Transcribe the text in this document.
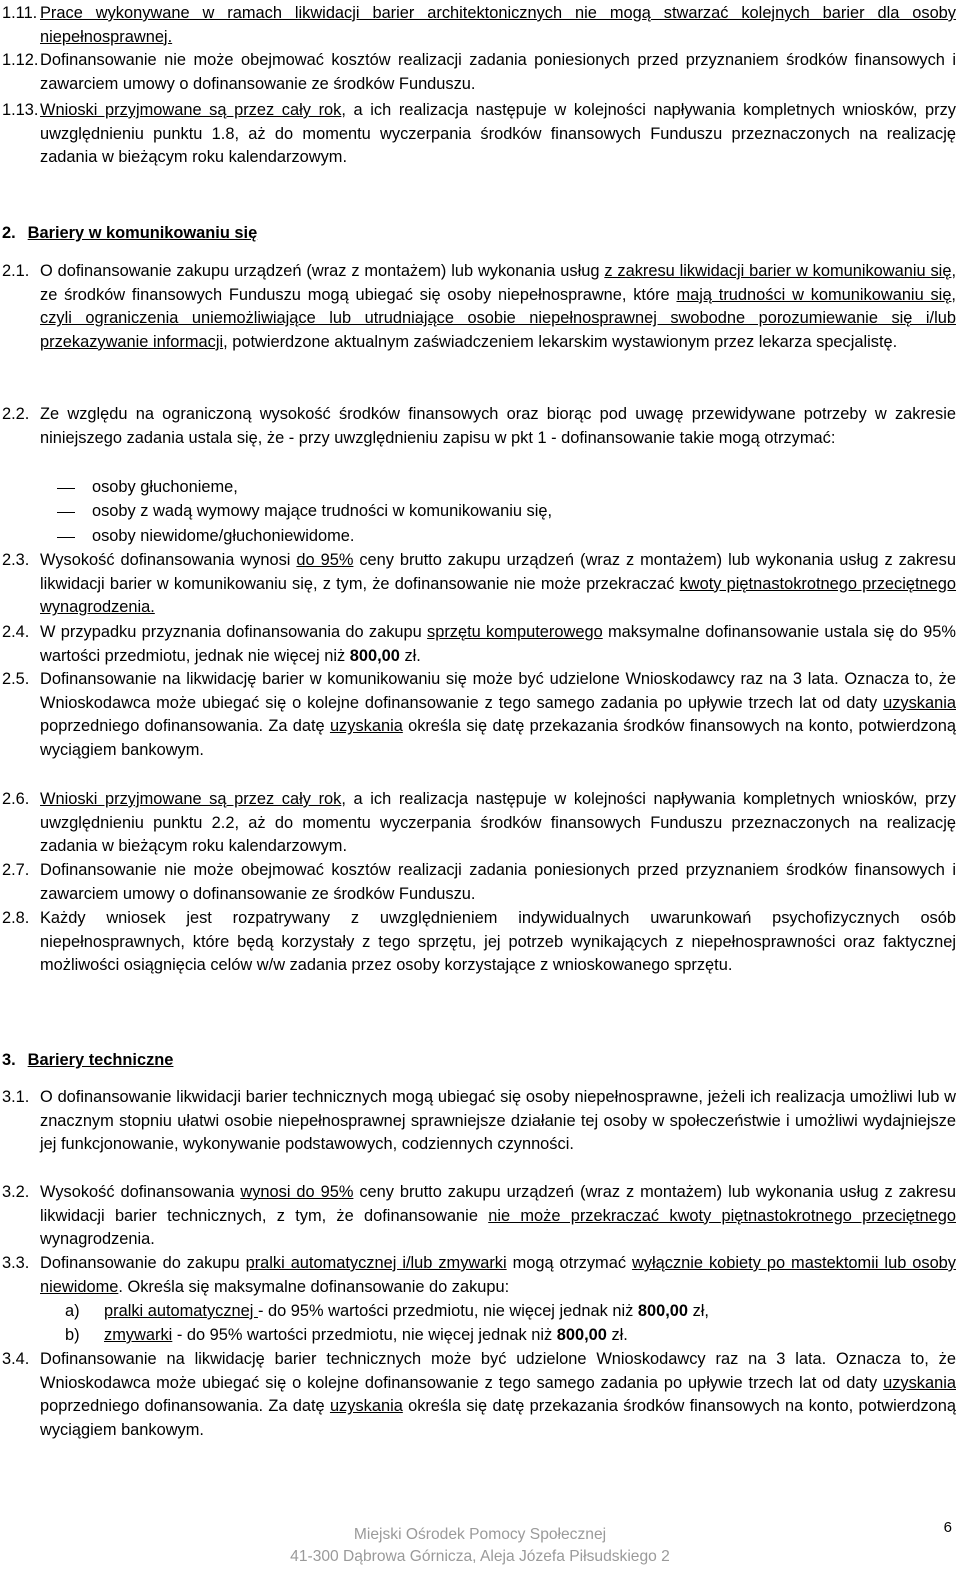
1.11. Prace wykonywane w ramach likwidacji barier architektonicznych nie mogą stwarzać kolejnych barier dla osoby niepełnosprawnej.
1.12. Dofinansowanie nie może obejmować kosztów realizacji zadania poniesionych przed przyznaniem środków finansowych i zawarciem umowy o dofinansowanie ze środków Funduszu.
1.13. Wnioski przyjmowane są przez cały rok, a ich realizacja następuje w kolejności napływania kompletnych wniosków, przy uwzględnieniu punktu 1.8, aż do momentu wyczerpania środków finansowych Funduszu przeznaczonych na realizację zadania w bieżącym roku kalendarzowym.
2. Bariery w komunikowaniu się
2.1. O dofinansowanie zakupu urządzeń (wraz z montażem) lub wykonania usług z zakresu likwidacji barier w komunikowaniu się, ze środków finansowych Funduszu mogą ubiegać się osoby niepełnosprawne, które mają trudności w komunikowaniu się, czyli ograniczenia uniemożliwiające lub utrudniające osobie niepełnosprawnej swobodne porozumiewanie się i/lub przekazywanie informacji, potwierdzone aktualnym zaświadczeniem lekarskim wystawionym przez lekarza specjalistę.
2.2. Ze względu na ograniczoną wysokość środków finansowych oraz biorąc pod uwagę przewidywane potrzeby w zakresie niniejszego zadania ustala się, że - przy uwzględnieniu zapisu w pkt 1 - dofinansowanie takie mogą otrzymać:
osoby głuchonieme,
osoby z wadą wymowy mające trudności w komunikowaniu się,
osoby niewidome/głuchoniewidome.
2.3. Wysokość dofinansowania wynosi do 95% ceny brutto zakupu urządzeń (wraz z montażem) lub wykonania usług z zakresu likwidacji barier w komunikowaniu się, z tym, że dofinansowanie nie może przekraczać kwoty piętnastokrotnego przeciętnego wynagrodzenia.
2.4. W przypadku przyznania dofinansowania do zakupu sprzętu komputerowego maksymalne dofinansowanie ustala się do 95% wartości przedmiotu, jednak nie więcej niż 800,00 zł.
2.5. Dofinansowanie na likwidację barier w komunikowaniu się może być udzielone Wnioskodawcy raz na 3 lata. Oznacza to, że Wnioskodawca może ubiegać się o kolejne dofinansowanie z tego samego zadania po upływie trzech lat od daty uzyskania poprzedniego dofinansowania. Za datę uzyskania określa się datę przekazania środków finansowych na konto, potwierdzoną wyciągiem bankowym.
2.6. Wnioski przyjmowane są przez cały rok, a ich realizacja następuje w kolejności napływania kompletnych wniosków, przy uwzględnieniu punktu 2.2, aż do momentu wyczerpania środków finansowych Funduszu przeznaczonych na realizację zadania w bieżącym roku kalendarzowym.
2.7. Dofinansowanie nie może obejmować kosztów realizacji zadania poniesionych przed przyznaniem środków finansowych i zawarciem umowy o dofinansowanie ze środków Funduszu.
2.8. Każdy wniosek jest rozpatrywany z uwzględnieniem indywidualnych uwarunkowań psychofizycznych osób niepełnosprawnych, które będą korzystały z tego sprzętu, jej potrzeb wynikających z niepełnosprawności oraz faktycznej możliwości osiągnięcia celów w/w zadania przez osoby korzystające z wnioskowanego sprzętu.
3. Bariery techniczne
3.1. O dofinansowanie likwidacji barier technicznych mogą ubiegać się osoby niepełnosprawne, jeżeli ich realizacja umożliwi lub w znacznym stopniu ułatwi osobie niepełnosprawnej sprawniejsze działanie tej osoby w społeczeństwie i umożliwi wydajniejsze jej funkcjonowanie, wykonywanie podstawowych, codziennych czynności.
3.2. Wysokość dofinansowania wynosi do 95% ceny brutto zakupu urządzeń (wraz z montażem) lub wykonania usług z zakresu likwidacji barier technicznych, z tym, że dofinansowanie nie może przekraczać kwoty piętnastokrotnego przeciętnego wynagrodzenia.
3.3. Dofinansowanie do zakupu pralki automatycznej i/lub zmywarki mogą otrzymać wyłącznie kobiety po mastektomii lub osoby niewidome. Określa się maksymalne dofinansowanie do zakupu:
a) pralki automatycznej - do 95% wartości przedmiotu, nie więcej jednak niż 800,00 zł,
b) zmywarki - do 95% wartości przedmiotu, nie więcej jednak niż 800,00 zł.
3.4. Dofinansowanie na likwidację barier technicznych może być udzielone Wnioskodawcy raz na 3 lata. Oznacza to, że Wnioskodawca może ubiegać się o kolejne dofinansowanie z tego samego zadania po upływie trzech lat od daty uzyskania poprzedniego dofinansowania. Za datę uzyskania określa się datę przekazania środków finansowych na konto, potwierdzoną wyciągiem bankowym.
6
Miejski Ośrodek Pomocy Społecznej
41-300 Dąbrowa Górnicza, Aleja Józefa Piłsudskiego 2
